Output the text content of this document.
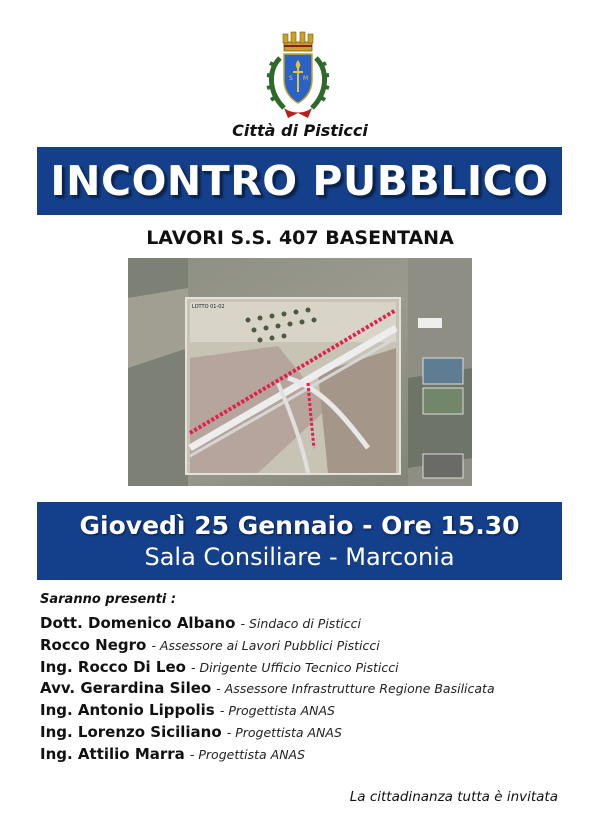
S M
Città di Pisticci
INCONTRO PUBBLICO
LAVORI S.S. 407 BASENTANA
LOTTO 01-02
Giovedì 25 Gennaio - Ore 15.30
Sala Consiliare - Marconia
Saranno presenti :
Dott. Domenico Albano - Sindaco di Pisticci
Rocco Negro - Assessore ai Lavori Pubblici Pisticci
Ing. Rocco Di Leo - Dirigente Ufficio Tecnico Pisticci
Avv. Gerardina Sileo - Assessore Infrastrutture Regione Basilicata
Ing. Antonio Lippolis - Progettista ANAS
Ing. Lorenzo Siciliano - Progettista ANAS
Ing. Attilio Marra - Progettista ANAS
La cittadinanza tutta è invitata
